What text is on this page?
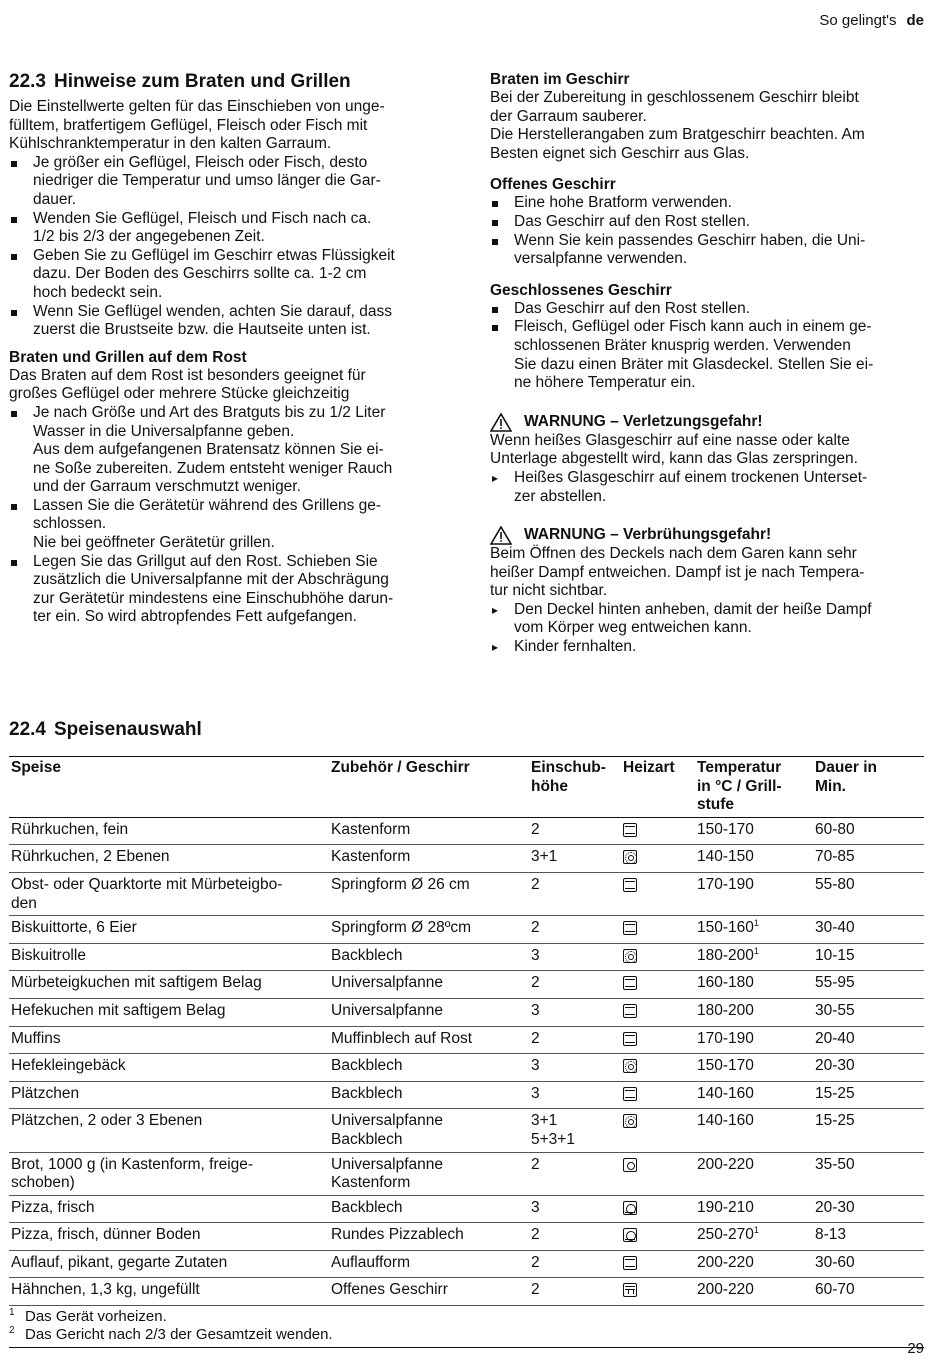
So gelingt's de
22.3 Hinweise zum Braten und Grillen

Die Einstellwerte gelten für das Einschieben von unge-
fülltem, bratfertigem Geflügel, Fleisch oder Fisch mit
Kühlschranktemperatur in den kalten Garraum.

Je größer ein Geflügel, Fleisch oder Fisch, desto
niedriger die Temperatur und umso länger die Gar-
dauer.
Wenden Sie Geflügel, Fleisch und Fisch nach ca.
1/2 bis 2/3 der angegebenen Zeit.
Geben Sie zu Geflügel im Geschirr etwas Flüssigkeit
dazu. Der Boden des Geschirrs sollte ca. 1-2 cm
hoch bedeckt sein.
Wenn Sie Geflügel wenden, achten Sie darauf, dass
zuerst die Brustseite bzw. die Hautseite unten ist.
Braten und Grillen auf dem Rost

Das Braten auf dem Rost ist besonders geeignet für
großes Geflügel oder mehrere Stücke gleichzeitig

Je nach Größe und Art des Bratguts bis zu 1/2 Liter
Wasser in die Universalpfanne geben.
Aus dem aufgefangenen Bratensatz können Sie ei-
ne Soße zubereiten. Zudem entsteht weniger Rauch
und der Garraum verschmutzt weniger.
Lassen Sie die Gerätetür während des Grillens ge-
schlossen.
Nie bei geöffneter Gerätetür grillen.
Legen Sie das Grillgut auf den Rost. Schieben Sie
zusätzlich die Universalpfanne mit der Abschrägung
zur Gerätetür mindestens eine Einschubhöhe darun-
ter ein. So wird abtropfendes Fett aufgefangen.
Braten im Geschirr

Bei der Zubereitung in geschlossenem Geschirr bleibt
der Garraum sauberer.
Die Herstellerangaben zum Bratgeschirr beachten. Am
Besten eignet sich Geschirr aus Glas.

Offenes Geschirr
Eine hohe Bratform verwenden.
Das Geschirr auf den Rost stellen.
Wenn Sie kein passendes Geschirr haben, die Uni-
versalpfanne verwenden.
Geschlossenes Geschirr
Das Geschirr auf den Rost stellen.
Fleisch, Geflügel oder Fisch kann auch in einem ge-
schlossenen Bräter knusprig werden. Verwenden
Sie dazu einen Bräter mit Glasdeckel. Stellen Sie ei-
ne höhere Temperatur ein.
WARNUNG – Verletzungsgefahr!

Wenn heißes Glasgeschirr auf eine nasse oder kalte
Unterlage abgestellt wird, kann das Glas zerspringen.

▸ Heißes Glasgeschirr auf einem trockenen Unterset-
zer abstellen.
WARNUNG – Verbrühungsgefahr!

Beim Öffnen des Deckels nach dem Garen kann sehr
heißer Dampf entweichen. Dampf ist je nach Tempera-
tur nicht sichtbar.

▸ Den Deckel hinten anheben, damit der heiße Dampf
vom Körper weg entweichen kann.
▸ Kinder fernhalten.
22.4 Speisenauswahl
Speise	Zubehör / Geschirr	Einschub-
höhe	Heizart	Temperatur
in °C / Grill-
stufe	Dauer in
Min.
Rührkuchen, fein	Kastenform	2		150-170	60-80
Rührkuchen, 2 Ebenen	Kastenform	3+1		140-150	70-85
Obst- oder Quarktorte mit Mürbeteigbo-
den	Springform Ø 26 cm	2		170-190	55-80
Biskuittorte, 6 Eier	Springform Ø 28ºcm	2		$150-160^1$	30-40
Biskuitrolle	Backblech	3		$180-200^1$	10-15
Mürbeteigkuchen mit saftigem Belag	Universalpfanne	2		160-180	55-95
Hefekuchen mit saftigem Belag	Universalpfanne	3		180-200	30-55
Muffins	Muffinblech auf Rost	2		170-190	20-40
Hefekleingebäck	Backblech	3		150-170	20-30
Plätzchen	Backblech	3		140-160	15-25
Plätzchen, 2 oder 3 Ebenen	Universalpfanne
Backblech	3+1
5+3+1		140-160	15-25
Brot, 1000 g (in Kastenform, freige-
schoben)	Universalpfanne
Kastenform	2		200-220	35-50
Pizza, frisch	Backblech	3		190-210	20-30
Pizza, frisch, dünner Boden	Rundes Pizzablech	2		$250-270^1$	8-13
Auflauf, pikant, gegarte Zutaten	Auflaufform	2		200-220	30-60
Hähnchen, 1,3 kg, ungefüllt	Offenes Geschirr	2		200-220	60-70
1 Das Gerät vorheizen.
2 Das Gericht nach 2/3 der Gesamtzeit wenden.
29
